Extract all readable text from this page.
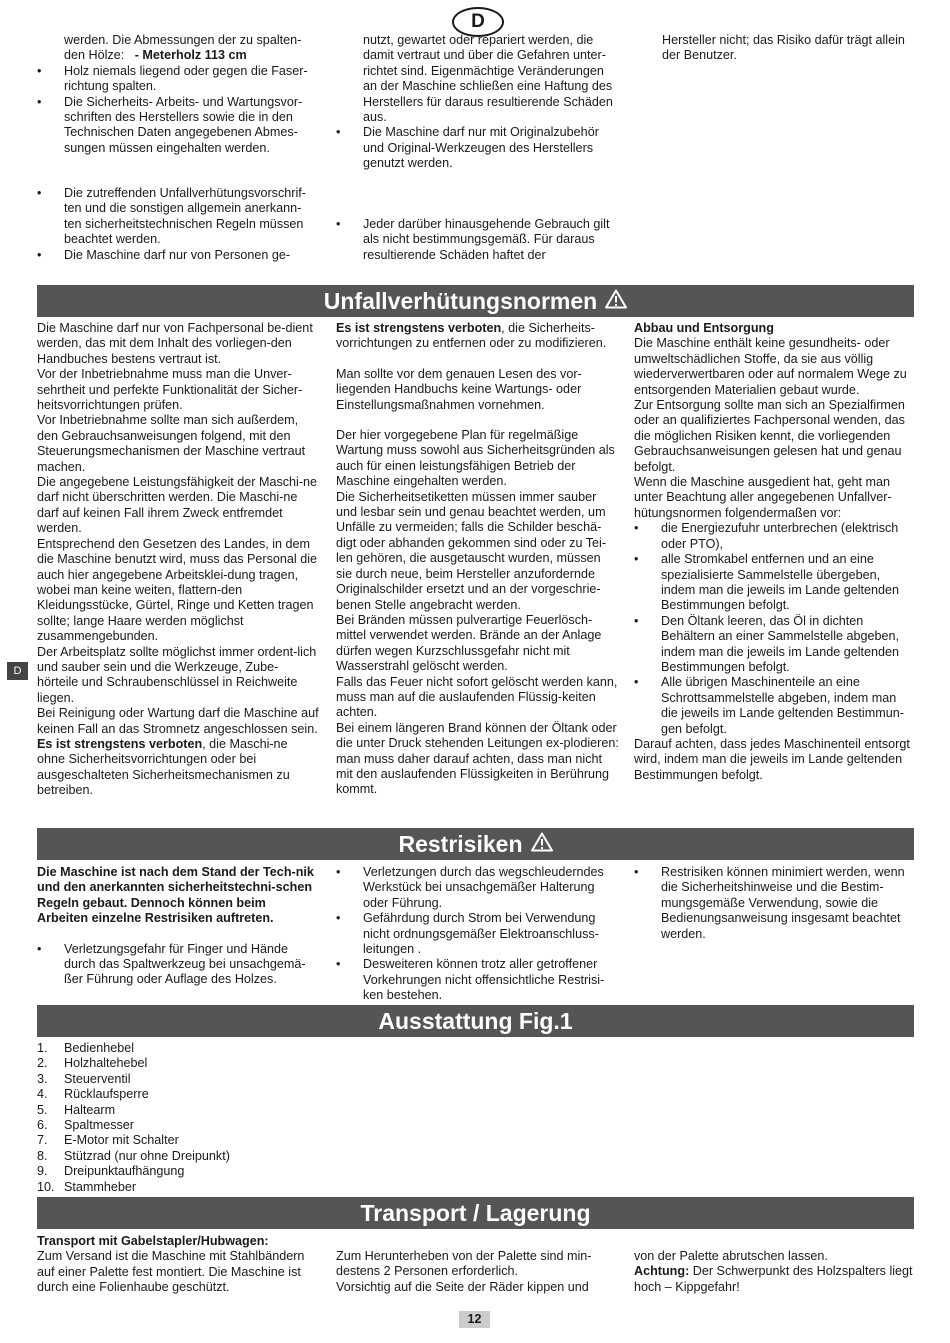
D
D

werden. Die Abmessungen der zu spalten-

den Hölze: - Meterholz 113 cm

• Holz niemals liegend oder gegen die Faser-richtung spalten.
• Die Sicherheits- Arbeits- und Wartungsvor-schriften des Herstellers sowie die in den Technischen Daten angegebenen Abmes-sungen müssen eingehalten werden.
• Die zutreffenden Unfallverhütungsvorschrif-ten und die sonstigen allgemein anerkann-ten sicherheitstechnischen Regeln müssen beachtet werden.
• Die Maschine darf nur von Personen ge-

nutzt, gewartet oder repariert werden, die damit vertraut und über die Gefahren unter-richtet sind. Eigenmächtige Veränderungen an der Maschine schließen eine Haftung des Herstellers für daraus resultierende Schäden aus.

• Die Maschine darf nur mit Originalzubehör und Original-Werkzeugen des Herstellers genutzt werden.
• Jeder darüber hinausgehende Gebrauch gilt als nicht bestimmungsgemäß. Für daraus resultierende Schäden haftet der

Hersteller nicht; das Risiko dafür trägt allein der Benutzer.

Unfallverhütungsnormen

Die Maschine darf nur von Fachpersonal be-dient werden, das mit dem Inhalt des vorliegen-den Handbuches bestens vertraut ist.

Vor der Inbetriebnahme muss man die Unver-sehrtheit und perfekte Funktionalität der Sicher-heitsvorrichtungen prüfen.

Vor Inbetriebnahme sollte man sich außerdem, den Gebrauchsanweisungen folgend, mit den Steuerungsmechanismen der Maschine vertraut machen.

Die angegebene Leistungsfähigkeit der Maschi-ne darf nicht überschritten werden. Die Maschi-ne darf auf keinen Fall ihrem Zweck entfremdet werden.

Entsprechend den Gesetzen des Landes, in dem die Maschine benutzt wird, muss das Personal die auch hier angegebene Arbeitsklei-dung tragen, wobei man keine weiten, flattern-den Kleidungsstücke, Gürtel, Ringe und Ketten tragen sollte; lange Haare werden möglichst zusammengebunden.

Der Arbeitsplatz sollte möglichst immer ordent-lich und sauber sein und die Werkzeuge, Zube-hörteile und Schraubenschlüssel in Reichweite liegen.

Bei Reinigung oder Wartung darf die Maschine auf keinen Fall an das Stromnetz angeschlossen sein.

Es ist strengstens verboten, die Maschi-ne ohne Sicherheitsvorrichtungen oder bei ausgeschalteten Sicherheitsmechanismen zu betreiben.

Es ist strengstens verboten, die Sicherheits-vorrichtungen zu entfernen oder zu modifizieren.

Man sollte vor dem genauen Lesen des vor-liegenden Handbuchs keine Wartungs- oder Einstellungsmaßnahmen vornehmen.

Der hier vorgegebene Plan für regelmäßige Wartung muss sowohl aus Sicherheitsgründen als auch für einen leistungsfähigen Betrieb der Maschine eingehalten werden.

Die Sicherheitsetiketten müssen immer sauber und lesbar sein und genau beachtet werden, um Unfälle zu vermeiden; falls die Schilder beschä-digt oder abhanden gekommen sind oder zu Tei-len gehören, die ausgetauscht wurden, müssen sie durch neue, beim Hersteller anzufordernde Originalschilder ersetzt und an der vorgeschrie-benen Stelle angebracht werden.

Bei Bränden müssen pulverartige Feuerlösch-mittel verwendet werden. Brände an der Anlage dürfen wegen Kurzschlussgefahr nicht mit Wasserstrahl gelöscht werden.

Falls das Feuer nicht sofort gelöscht werden kann, muss man auf die auslaufenden Flüssig-keiten achten.

Bei einem längeren Brand können der Öltank oder die unter Druck stehenden Leitungen ex-plodieren: man muss daher darauf achten, dass man nicht mit den auslaufenden Flüssigkeiten in Berührung kommt.

Abbau und Entsorgung

Die Maschine enthält keine gesundheits- oder umweltschädlichen Stoffe, da sie aus völlig wiederverwertbaren oder auf normalem Wege zu entsorgenden Materialien gebaut wurde.

Zur Entsorgung sollte man sich an Spezialfirmen oder an qualifiziertes Fachpersonal wenden, das die möglichen Risiken kennt, die vorliegenden Gebrauchsanweisungen gelesen hat und genau befolgt.

Wenn die Maschine ausgedient hat, geht man unter Beachtung aller angegebenen Unfallver-hütungsnormen folgendermaßen vor:

• die Energiezufuhr unterbrechen (elektrisch oder PTO),
• alle Stromkabel entfernen und an eine spezialisierte Sammelstelle übergeben, indem man die jeweils im Lande geltenden Bestimmungen befolgt.
• Den Öltank leeren, das Öl in dichten Behältern an einer Sammelstelle abgeben, indem man die jeweils im Lande geltenden Bestimmungen befolgt.
• Alle übrigen Maschinenteile an eine Schrottsammelstelle abgeben, indem man die jeweils im Lande geltenden Bestimmun-gen befolgt.

Darauf achten, dass jedes Maschinenteil entsorgt wird, indem man die jeweils im Lande geltenden Bestimmungen befolgt.

Restrisiken

Die Maschine ist nach dem Stand der Tech-nik und den anerkannten sicherheitstechni-schen Regeln gebaut. Dennoch können beim Arbeiten einzelne Restrisiken auftreten.

• Verletzungsgefahr für Finger und Hände durch das Spaltwerkzeug bei unsachgemä-ßer Führung oder Auflage des Holzes.
• Verletzungen durch das wegschleuderndes Werkstück bei unsachgemäßer Halterung oder Führung.
• Gefährdung durch Strom bei Verwendung nicht ordnungsgemäßer Elektroanschluss-leitungen .
• Desweiteren können trotz aller getroffener Vorkehrungen nicht offensichtliche Restrisi-ken bestehen.
• Restrisiken können minimiert werden, wenn die Sicherheitshinweise und die Bestim-mungsgemäße Verwendung, sowie die Bedienungsanweisung insgesamt beachtet werden.
Ausstattung Fig.1
1. Bedienhebel
2. Holzhaltehebel
3. Steuerventil
4. Rücklaufsperre
5. Haltearm
6. Spaltmesser
7. E-Motor mit Schalter
8. Stützrad (nur ohne Dreipunkt)
9. Dreipunktaufhängung
10. Stammheber
Transport / Lagerung

Transport mit Gabelstapler/Hubwagen:

Zum Versand ist die Maschine mit Stahlbändern auf einer Palette fest montiert. Die Maschine ist durch eine Folienhaube geschützt.

Zum Herunterheben von der Palette sind min-destens 2 Personen erforderlich.

Vorsichtig auf die Seite der Räder kippen und

von der Palette abrutschen lassen.

Achtung: Der Schwerpunkt des Holzspalters liegt hoch – Kippgefahr!

12
